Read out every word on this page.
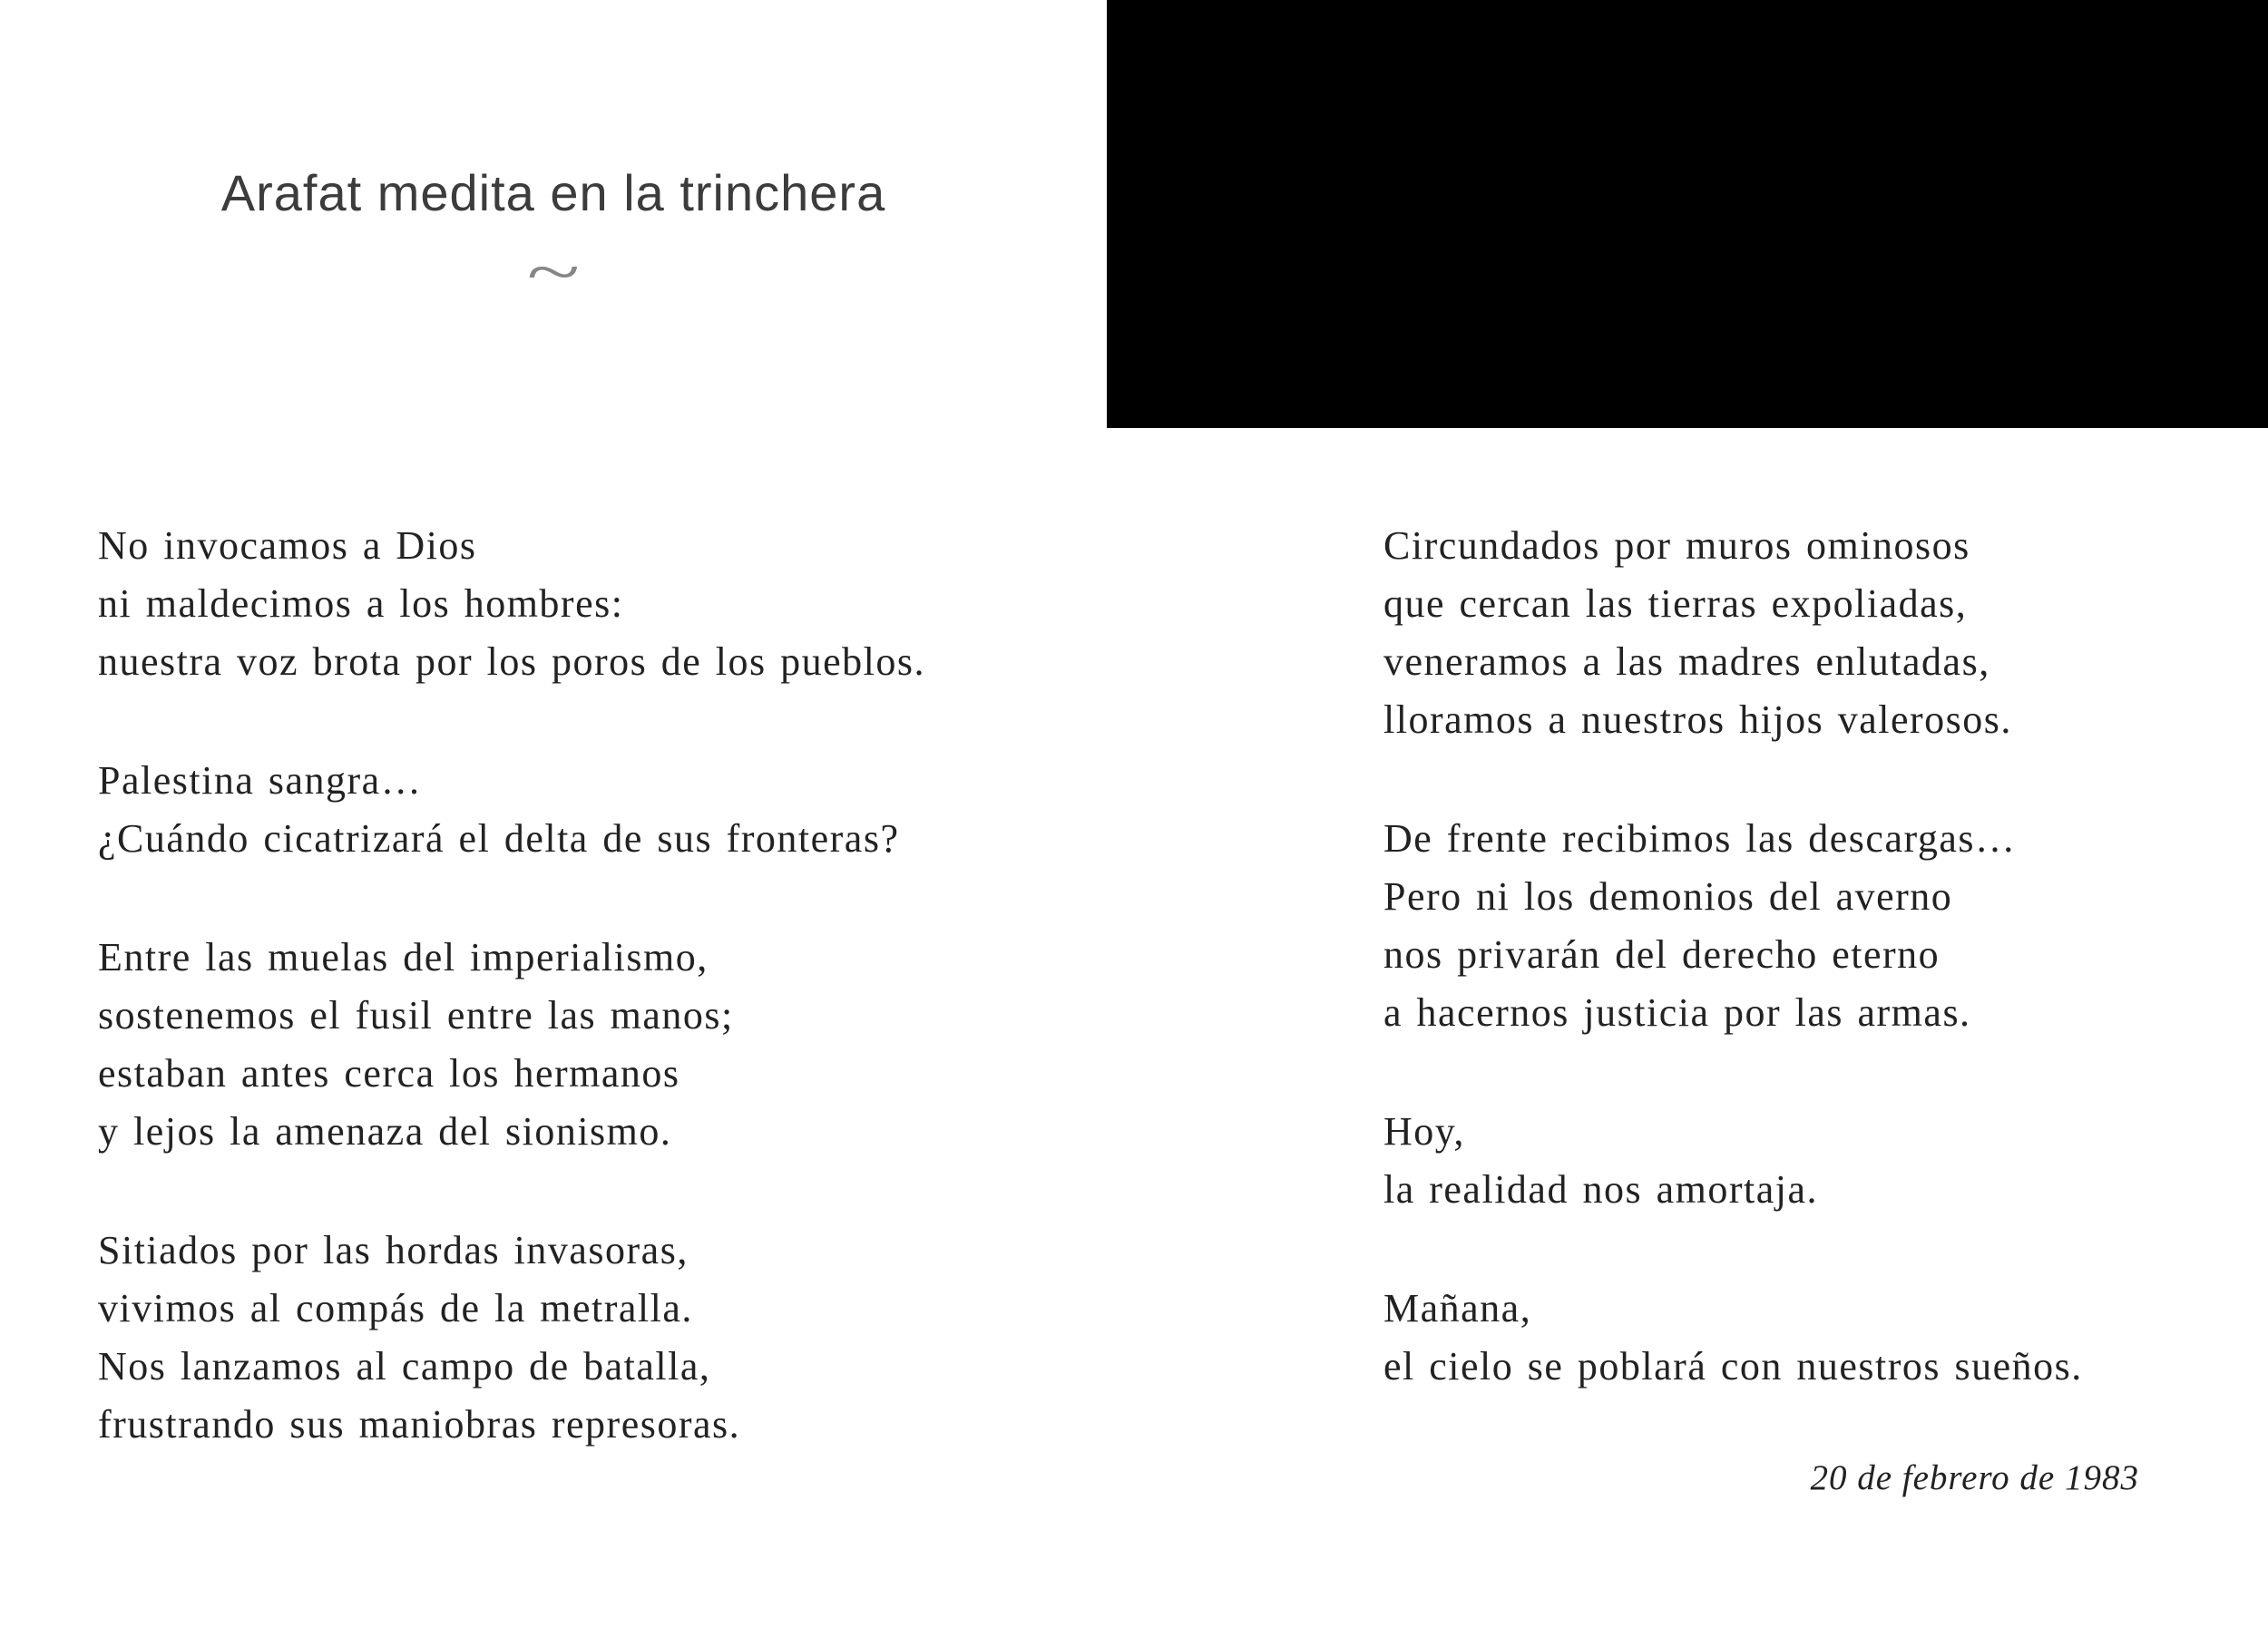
Arafat medita en la trinchera
~

No invocamos a Dios
ni maldecimos a los hombres:
nuestra voz brota por los poros de los pueblos.

Palestina sangra…
¿Cuándo cicatrizará el delta de sus fronteras?

Entre las muelas del imperialismo,
sostenemos el fusil entre las manos;
estaban antes cerca los hermanos
y lejos la amenaza del sionismo.

Sitiados por las hordas invasoras,
vivimos al compás de la metralla.
Nos lanzamos al campo de batalla,
frustrando sus maniobras represoras.

Circundados por muros ominosos
que cercan las tierras expoliadas,
veneramos a las madres enlutadas,
lloramos a nuestros hijos valerosos.

De frente recibimos las descargas…
Pero ni los demonios del averno
nos privarán del derecho eterno
a hacernos justicia por las armas.

Hoy,
la realidad nos amortaja.

Mañana,
el cielo se poblará con nuestros sueños.

20 de febrero de 1983
